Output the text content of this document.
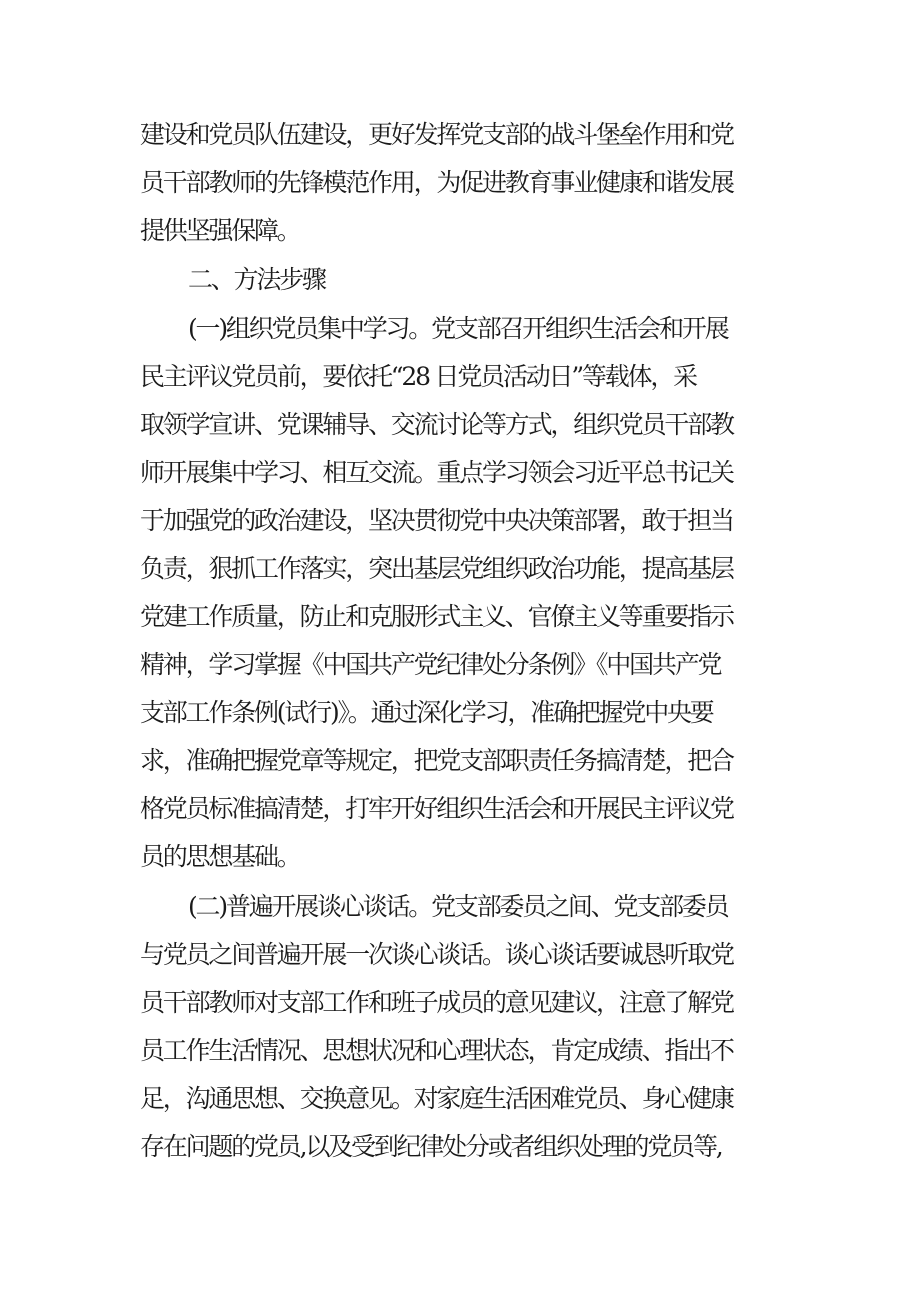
建设和党员队伍建设，更好发挥党支部的战斗堡垒作用和党
员干部教师的先锋模范作用，为促进教育事业健康和谐发展
提供坚强保障。
二、方法步骤
(一)组织党员集中学习。党支部召开组织生活会和开展
民主评议党员前，要依托“28 日党员活动日”等载体，采
取领学宣讲、党课辅导、交流讨论等方式，组织党员干部教
师开展集中学习、相互交流。重点学习领会习近平总书记关
于加强党的政治建设，坚决贯彻党中央决策部署，敢于担当
负责，狠抓工作落实，突出基层党组织政治功能，提高基层
党建工作质量，防止和克服形式主义、官僚主义等重要指示
精神，学习掌握《中国共产党纪律处分条例》《中国共产党
支部工作条例(试行)》。通过深化学习，准确把握党中央要
求，准确把握党章等规定，把党支部职责任务搞清楚，把合
格党员标准搞清楚，打牢开好组织生活会和开展民主评议党
员的思想基础。
(二)普遍开展谈心谈话。党支部委员之间、党支部委员
与党员之间普遍开展一次谈心谈话。谈心谈话要诚恳听取党
员干部教师对支部工作和班子成员的意见建议，注意了解党
员工作生活情况、思想状况和心理状态，肯定成绩、指出不
足，沟通思想、交换意见。对家庭生活困难党员、身心健康
存在问题的党员,以及受到纪律处分或者组织处理的党员等,
